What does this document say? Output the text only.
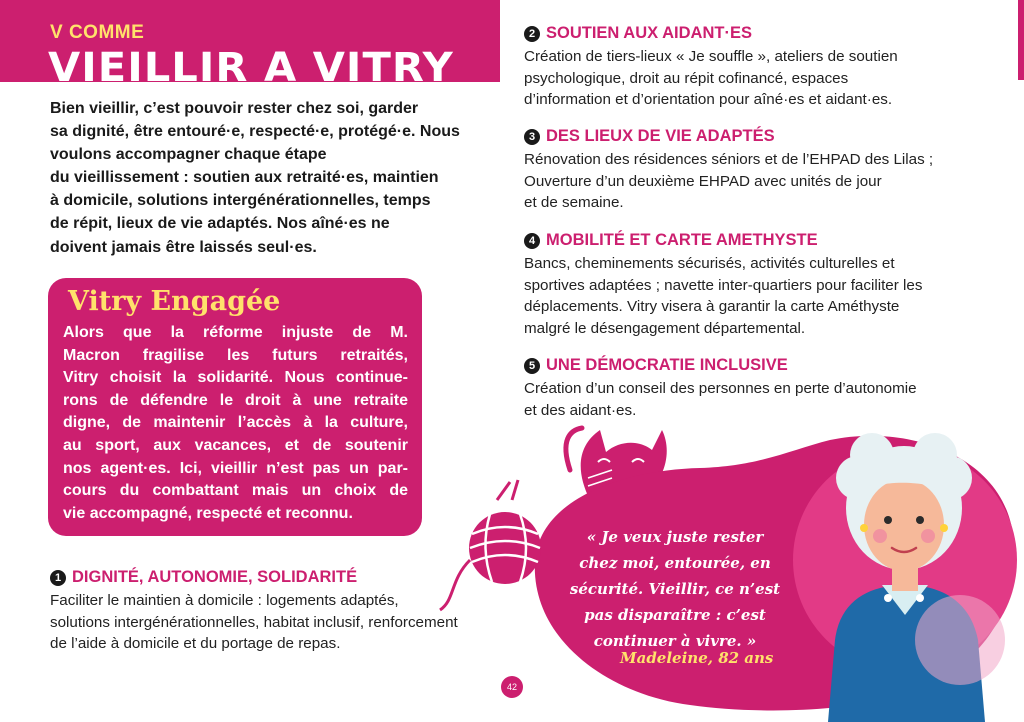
V COMME
VIEILLIR A VITRY
Bien vieillir, c’est pouvoir rester chez soi, garder
sa dignité, être entouré·e, respecté·e, protégé·e. Nous
voulons accompagner chaque étape
du vieillissement : soutien aux retraité·es, maintien
à domicile, solutions intergénérationnelles, temps
de répit, lieux de vie adaptés. Nos aîné·es ne
doivent jamais être laissés seul·es.
Vitry Engagée
Alors que la réforme injuste de M.
Macron fragilise les futurs retraités,
Vitry choisit la solidarité. Nous continue-
rons de défendre le droit à une retraite
digne, de maintenir l’accès à la culture,
au sport, aux vacances, et de soutenir
nos agent·es. Ici, vieillir n’est pas un par-
cours du combattant mais un choix de
vie accompagné, respecté et reconnu.
1 DIGNITÉ, AUTONOMIE, SOLIDARITÉ
Faciliter le maintien à domicile : logements adaptés,
solutions intergénérationnelles, habitat inclusif, renforcement
de l’aide à domicile et du portage de repas.
2 SOUTIEN AUX AIDANT·ES
Création de tiers-lieux « Je souffle », ateliers de soutien
psychologique, droit au répit cofinancé, espaces
d’information et d’orientation pour aîné·es et aidant·es.
3 DES LIEUX DE VIE ADAPTÉS
Rénovation des résidences séniors et de l’EHPAD des Lilas ;
Ouverture d’un deuxième EHPAD avec unités de jour
et de semaine.
4 MOBILITÉ ET CARTE AMETHYSTE
Bancs, cheminements sécurisés, activités culturelles et
sportives adaptées ; navette inter-quartiers pour faciliter les
déplacements. Vitry visera à garantir la carte Améthyste
malgré le désengagement départemental.
5 UNE DÉMOCRATIE INCLUSIVE
Création d’un conseil des personnes en perte d’autonomie
et des aidant·es.
« Je veux juste rester
chez moi, entourée, en
sécurité. Vieillir, ce n’est
pas disparaître : c’est
continuer à vivre. »
Madeleine, 82 ans
42
